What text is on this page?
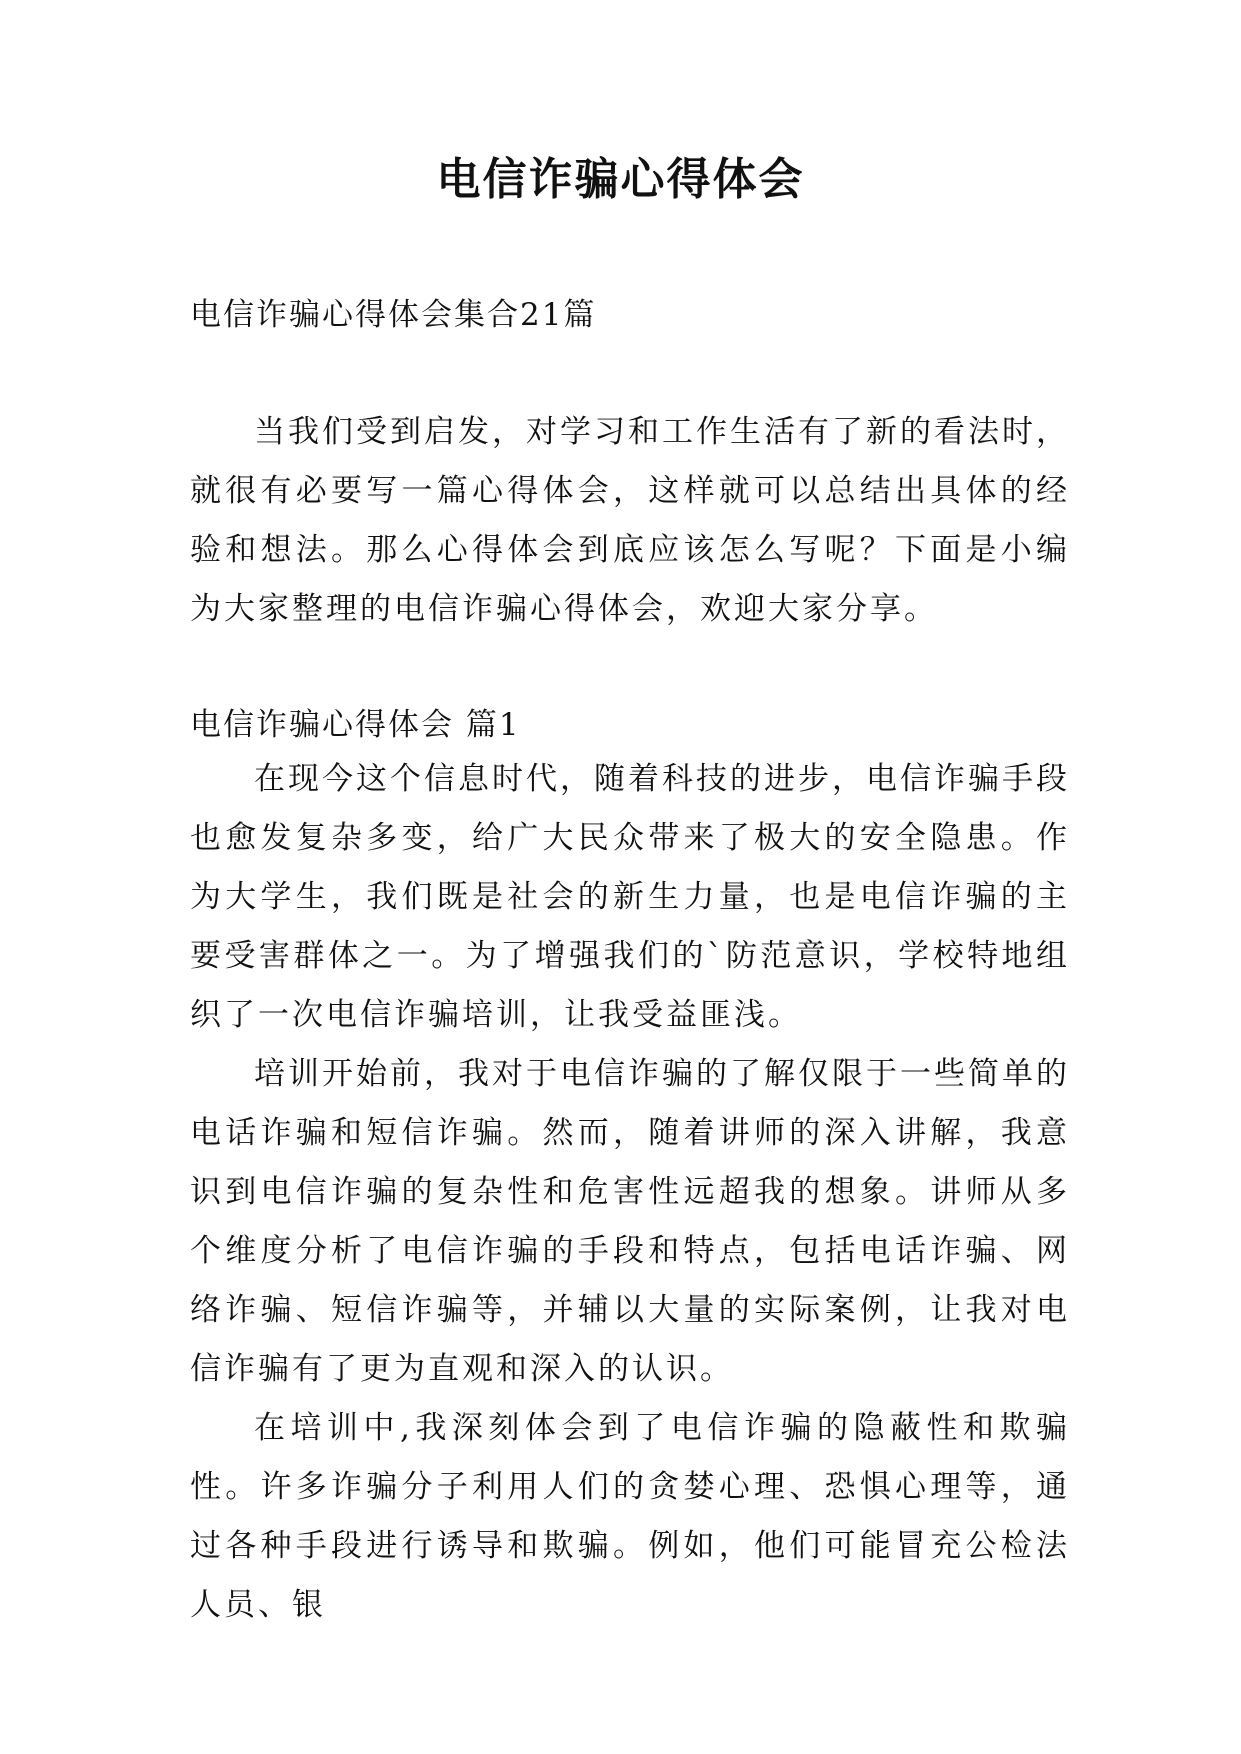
电信诈骗心得体会
电信诈骗心得体会集合21篇

当我们受到启发，对学习和工作生活有了新的看法时，就很有必要写一篇心得体会，这样就可以总结出具体的经验和想法。那么心得体会到底应该怎么写呢？下面是小编为大家整理的电信诈骗心得体会，欢迎大家分享。

电信诈骗心得体会 篇1

在现今这个信息时代，随着科技的进步，电信诈骗手段也愈发复杂多变，给广大民众带来了极大的安全隐患。作为大学生，我们既是社会的新生力量，也是电信诈骗的主要受害群体之一。为了增强我们的`防范意识，学校特地组织了一次电信诈骗培训，让我受益匪浅。

培训开始前，我对于电信诈骗的了解仅限于一些简单的电话诈骗和短信诈骗。然而，随着讲师的深入讲解，我意识到电信诈骗的复杂性和危害性远超我的想象。讲师从多个维度分析了电信诈骗的手段和特点，包括电话诈骗、网络诈骗、短信诈骗等，并辅以大量的实际案例，让我对电信诈骗有了更为直观和深入的认识。

在培训中,我深刻体会到了电信诈骗的隐蔽性和欺骗性。许多诈骗分子利用人们的贪婪心理、恐惧心理等，通过各种手段进行诱导和欺骗。例如，他们可能冒充公检法人员、银
